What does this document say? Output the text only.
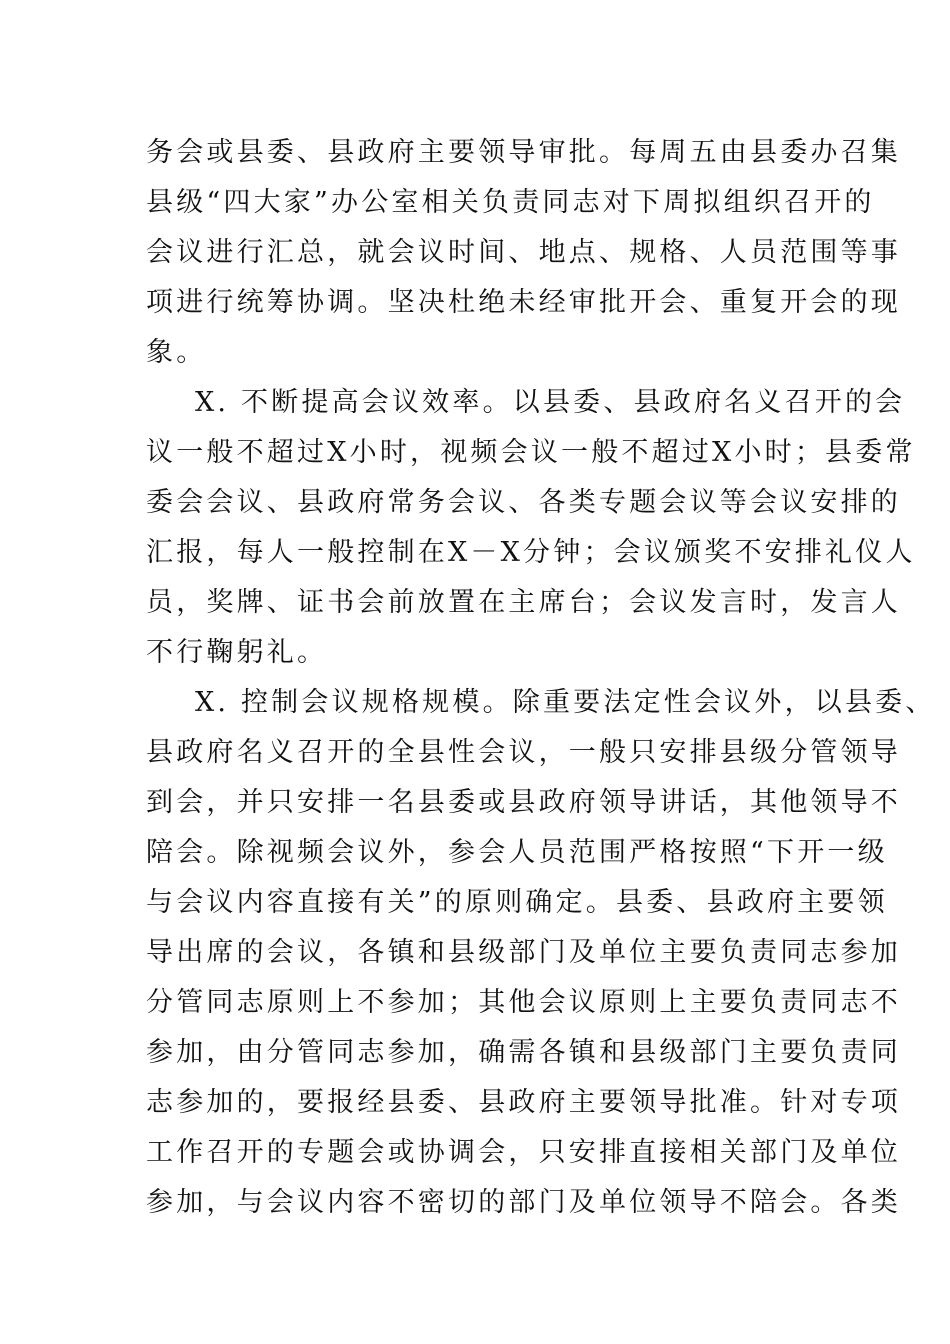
务会或县委、县政府主要领导审批。每周五由县委办召集
县级“四大家”办公室相关负责同志对下周拟组织召开的
会议进行汇总，就会议时间、地点、规格、人员范围等事
项进行统筹协调。坚决杜绝未经审批开会、重复开会的现
象。
X. 不断提高会议效率。以县委、县政府名义召开的会
议一般不超过X小时，视频会议一般不超过X小时；县委常
委会会议、县政府常务会议、各类专题会议等会议安排的
汇报，每人一般控制在X－X分钟；会议颁奖不安排礼仪人
员，奖牌、证书会前放置在主席台；会议发言时，发言人
不行鞠躬礼。
X. 控制会议规格规模。除重要法定性会议外，以县委、
县政府名义召开的全县性会议，一般只安排县级分管领导
到会，并只安排一名县委或县政府领导讲话，其他领导不
陪会。除视频会议外，参会人员范围严格按照“下开一级
与会议内容直接有关”的原则确定。县委、县政府主要领
导出席的会议，各镇和县级部门及单位主要负责同志参加
分管同志原则上不参加；其他会议原则上主要负责同志不
参加，由分管同志参加，确需各镇和县级部门主要负责同
志参加的，要报经县委、县政府主要领导批准。针对专项
工作召开的专题会或协调会，只安排直接相关部门及单位
参加，与会议内容不密切的部门及单位领导不陪会。各类
